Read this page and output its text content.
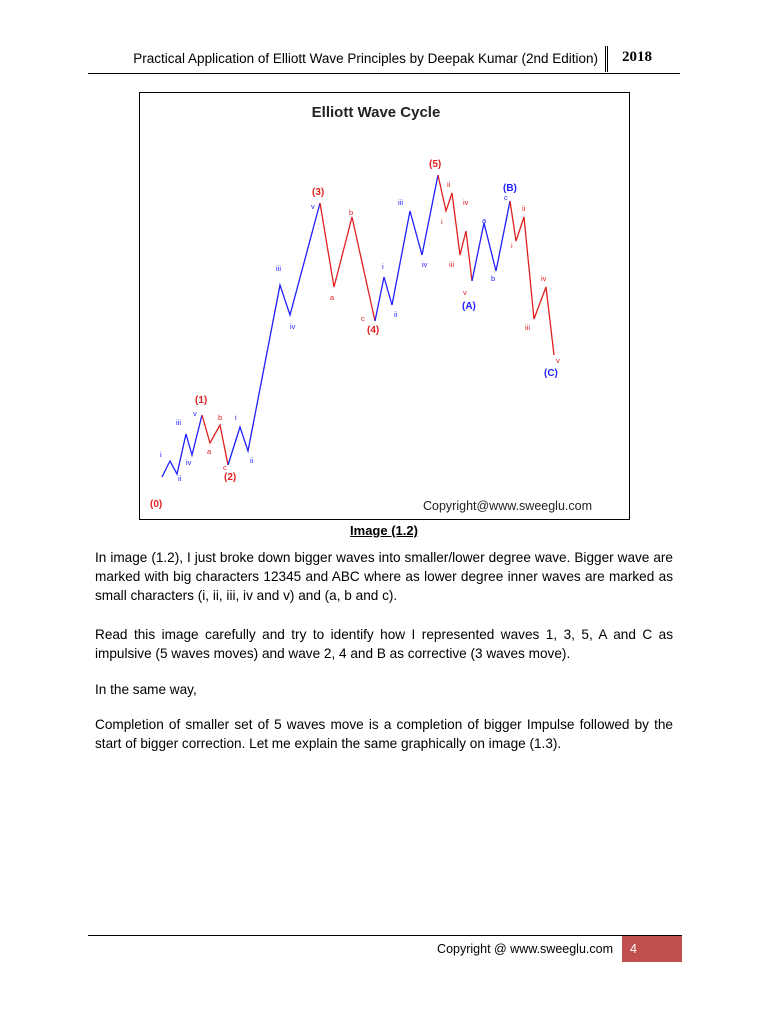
Practical Application of Elliott Wave Principles by Deepak Kumar (2nd Edition) 2018
Elliott Wave Cycle
(0)
(1)
(2)
(3)
(4)
(5)
(A)
(B)
(C)
i
ii
iii
iv
v
a
b
c
i
ii
iii
iv
v
a
b
c
i
ii
iii
iv
ii
i
iv
iii
v
a
b
c
ii
i
iv
iii
v
Copyright@www.sweeglu.com
Image (1.2)

In image (1.2), I just broke down bigger waves into smaller/lower degree wave. Bigger wave are marked with big characters 12345 and ABC where as lower degree inner waves are marked as small characters (i, ii, iii, iv and v) and (a, b and c).

Read this image carefully and try to identify how I represented waves 1, 3, 5, A and C as impulsive (5 waves moves) and wave 2, 4 and B as corrective (3 waves move).

In the same way,

Completion of smaller set of 5 waves move is a completion of bigger Impulse followed by the start of bigger correction. Let me explain the same graphically on image (1.3).

Copyright @ www.sweeglu.com	4
